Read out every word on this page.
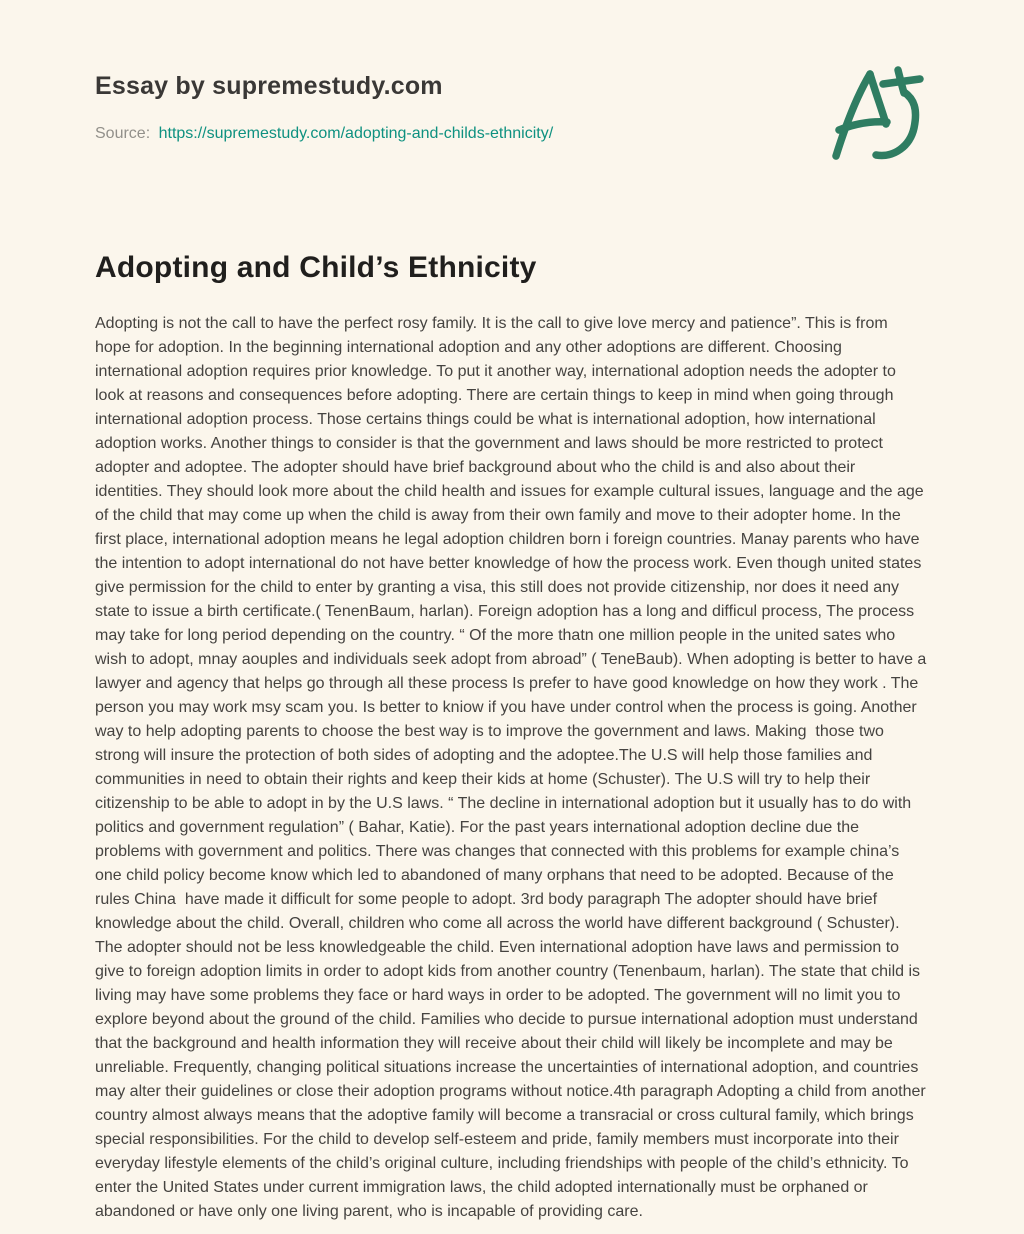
Essay by supremestudy.com
Source: https://supremestudy.com/adopting-and-childs-ethnicity/
Adopting and Child’s Ethnicity
Adopting is not the call to have the perfect rosy family. It is the call to give love mercy and patience”. This is from
hope for adoption. In the beginning international adoption and any other adoptions are different. Choosing
international adoption requires prior knowledge. To put it another way, international adoption needs the adopter to
look at reasons and consequences before adopting. There are certain things to keep in mind when going through
international adoption process. Those certains things could be what is international adoption, how international
adoption works. Another things to consider is that the government and laws should be more restricted to protect
adopter and adoptee. The adopter should have brief background about who the child is and also about their
identities. They should look more about the child health and issues for example cultural issues, language and the age
of the child that may come up when the child is away from their own family and move to their adopter home. In the
first place, international adoption means he legal adoption children born i foreign countries. Manay parents who have
the intention to adopt international do not have better knowledge of how the process work. Even though united states
give permission for the child to enter by granting a visa, this still does not provide citizenship, nor does it need any
state to issue a birth certificate.( TenenBaum, harlan). Foreign adoption has a long and difficul process, The process
may take for long period depending on the country. “ Of the more thatn one million people in the united sates who
wish to adopt, mnay aouples and individuals seek adopt from abroad” ( TeneBaub). When adopting is better to have a
lawyer and agency that helps go through all these process Is prefer to have good knowledge on how they work . The
person you may work msy scam you. Is better to kniow if you have under control when the process is going. Another
way to help adopting parents to choose the best way is to improve the government and laws. Making  those two
strong will insure the protection of both sides of adopting and the adoptee.The U.S will help those families and
communities in need to obtain their rights and keep their kids at home (Schuster). The U.S will try to help their
citizenship to be able to adopt in by the U.S laws. “ The decline in international adoption but it usually has to do with
politics and government regulation” ( Bahar, Katie). For the past years international adoption decline due the
problems with government and politics. There was changes that connected with this problems for example china’s
one child policy become know which led to abandoned of many orphans that need to be adopted. Because of the
rules China  have made it difficult for some people to adopt. 3rd body paragraph The adopter should have brief
knowledge about the child. Overall, children who come all across the world have different background ( Schuster).
The adopter should not be less knowledgeable the child. Even international adoption have laws and permission to
give to foreign adoption limits in order to adopt kids from another country (Tenenbaum, harlan). The state that child is
living may have some problems they face or hard ways in order to be adopted. The government will no limit you to
explore beyond about the ground of the child. Families who decide to pursue international adoption must understand
that the background and health information they will receive about their child will likely be incomplete and may be
unreliable. Frequently, changing political situations increase the uncertainties of international adoption, and countries
may alter their guidelines or close their adoption programs without notice.4th paragraph Adopting a child from another
country almost always means that the adoptive family will become a transracial or cross cultural family, which brings
special responsibilities. For the child to develop self-esteem and pride, family members must incorporate into their
everyday lifestyle elements of the child’s original culture, including friendships with people of the child’s ethnicity. To
enter the United States under current immigration laws, the child adopted internationally must be orphaned or
abandoned or have only one living parent, who is incapable of providing care.
